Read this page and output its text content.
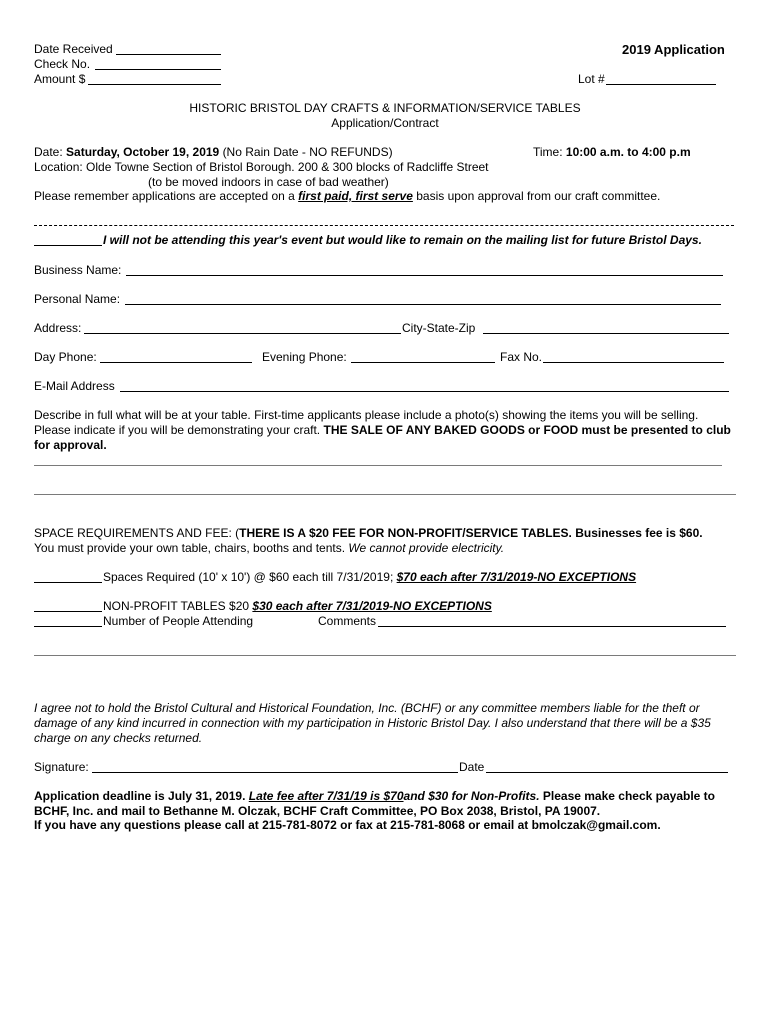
Date Received
Check No.
Amount $
2019 Application
Lot #
HISTORIC BRISTOL DAY CRAFTS & INFORMATION/SERVICE TABLES
Application/Contract
Date: Saturday, October 19, 2019 (No Rain Date - NO REFUNDS)	Time: 10:00 a.m. to 4:00 p.m
Location: Olde Towne Section of Bristol Borough. 200 & 300 blocks of Radcliffe Street
(to be moved indoors in case of bad weather)
Please remember applications are accepted on a first paid, first serve basis upon approval from our craft committee.
I will not be attending this year's event but would like to remain on the mailing list for future Bristol Days.
Business Name:
Personal Name:
Address:	City-State-Zip
Day Phone:	Evening Phone:	Fax No.
E-Mail Address
Describe in full what will be at your table. First-time applicants please include a photo(s) showing the items you will be selling. Please indicate if you will be demonstrating your craft. THE SALE OF ANY BAKED GOODS or FOOD must be presented to club for approval.
SPACE REQUIREMENTS AND FEE: (THERE IS A $20 FEE FOR NON-PROFIT/SERVICE TABLES. Businesses fee is $60.
You must provide your own table, chairs, booths and tents. We cannot provide electricity.
Spaces Required (10' x 10') @ $60 each till 7/31/2019; $70 each after 7/31/2019-NO EXCEPTIONS
NON-PROFIT TABLES $20 $30 each after 7/31/2019-NO EXCEPTIONS
Number of People Attending	Comments
I agree not to hold the Bristol Cultural and Historical Foundation, Inc. (BCHF) or any committee members liable for the theft or damage of any kind incurred in connection with my participation in Historic Bristol Day. I also understand that there will be a $35 charge on any checks returned.
Signature:	Date
Application deadline is July 31, 2019. Late fee after 7/31/19 is $70and $30 for Non-Profits. Please make check payable to
BCHF, Inc. and mail to Bethanne M. Olczak, BCHF Craft Committee, PO Box 2038, Bristol, PA 19007.
If you have any questions please call at 215-781-8072 or fax at 215-781-8068 or email at bmolczak@gmail.com.
